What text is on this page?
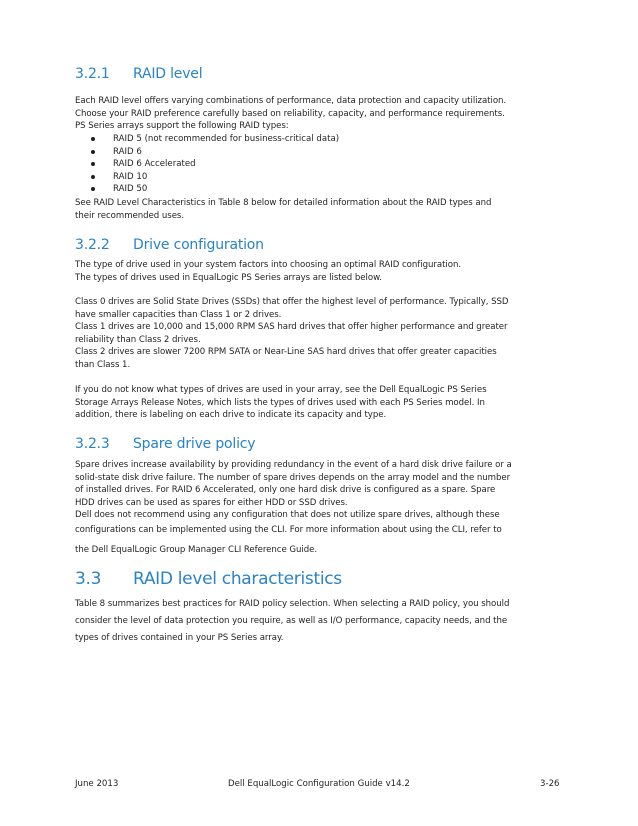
3.2.1 RAID level
Each RAID level offers varying combinations of performance, data protection and capacity utilization.
Choose your RAID preference carefully based on reliability, capacity, and performance requirements.
PS Series arrays support the following RAID types:
RAID 5 (not recommended for business-critical data)
RAID 6
RAID 6 Accelerated
RAID 10
RAID 50
See RAID Level Characteristics in Table 8 below for detailed information about the RAID types and
their recommended uses.
3.2.2 Drive configuration
The type of drive used in your system factors into choosing an optimal RAID configuration.
The types of drives used in EqualLogic PS Series arrays are listed below.
Class 0 drives are Solid State Drives (SSDs) that offer the highest level of performance. Typically, SSD
have smaller capacities than Class 1 or 2 drives.
Class 1 drives are 10,000 and 15,000 RPM SAS hard drives that offer higher performance and greater
reliability than Class 2 drives.
Class 2 drives are slower 7200 RPM SATA or Near-Line SAS hard drives that offer greater capacities
than Class 1.
If you do not know what types of drives are used in your array, see the Dell EqualLogic PS Series
Storage Arrays Release Notes, which lists the types of drives used with each PS Series model. In
addition, there is labeling on each drive to indicate its capacity and type.
3.2.3 Spare drive policy
Spare drives increase availability by providing redundancy in the event of a hard disk drive failure or a
solid-state disk drive failure. The number of spare drives depends on the array model and the number
of installed drives. For RAID 6 Accelerated, only one hard disk drive is configured as a spare. Spare
HDD drives can be used as spares for either HDD or SSD drives.
Dell does not recommend using any configuration that does not utilize spare drives, although these
configurations can be implemented using the CLI. For more information about using the CLI, refer to
the Dell EqualLogic Group Manager CLI Reference Guide.
3.3 RAID level characteristics
Table 8 summarizes best practices for RAID policy selection. When selecting a RAID policy, you should
consider the level of data protection you require, as well as I/O performance, capacity needs, and the
types of drives contained in your PS Series array.
June 2013	Dell EqualLogic Configuration Guide v14.2	3-26
